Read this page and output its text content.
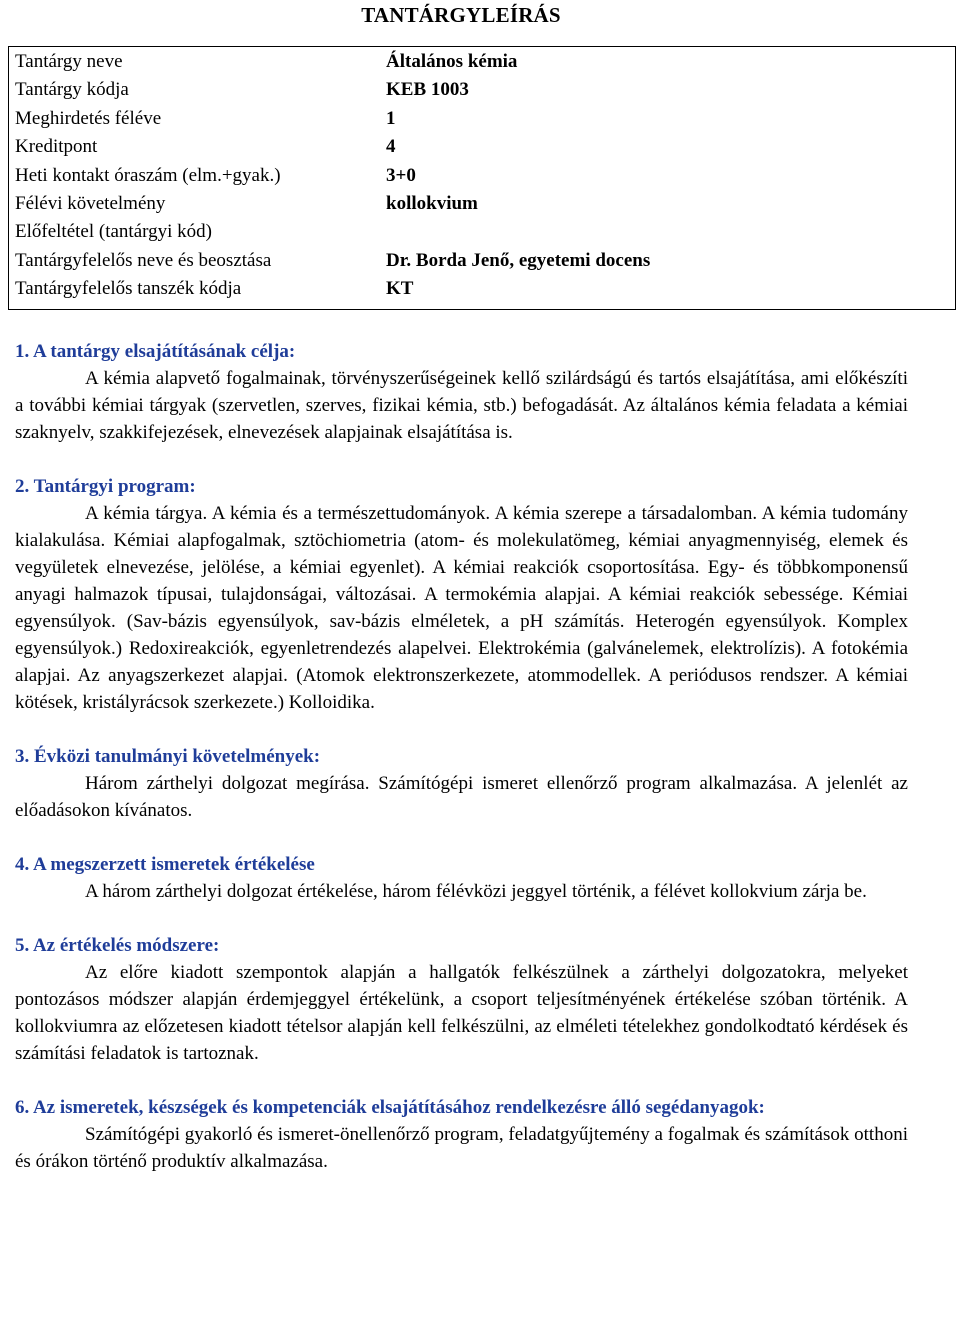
TANTÁRGYLEÍRÁS
Tantárgy neve	Általános kémia
Tantárgy kódja	KEB 1003
Meghirdetés féléve	1
Kreditpont	4
Heti kontakt óraszám (elm.+gyak.)	3+0
Félévi követelmény	kollokvium
Előfeltétel (tantárgyi kód)
Tantárgyfelelős neve és beosztása	Dr. Borda Jenő, egyetemi docens
Tantárgyfelelős tanszék kódja	KT

1. A tantárgy elsajátításának célja:

A kémia alapvető fogalmainak, törvényszerűségeinek kellő szilárdságú és tartós elsajátítása, ami előkészíti a további kémiai tárgyak (szervetlen, szerves, fizikai kémia, stb.) befogadását. Az általános kémia feladata a kémiai szaknyelv, szakkifejezések, elnevezések alapjainak elsajátítása is.

2. Tantárgyi program:

A kémia tárgya. A kémia és a természettudományok. A kémia szerepe a társadalomban. A kémia tudomány kialakulása. Kémiai alapfogalmak, sztöchiometria (atom- és molekulatömeg, kémiai anyagmennyiség, elemek és vegyületek elnevezése, jelölése, a kémiai egyenlet). A kémiai reakciók csoportosítása. Egy- és többkomponensű anyagi halmazok típusai, tulajdonságai, változásai. A termokémia alapjai. A kémiai reakciók sebessége. Kémiai egyensúlyok. (Sav-bázis egyensúlyok, sav-bázis elméletek, a pH számítás. Heterogén egyensúlyok. Komplex egyensúlyok.) Redoxireakciók, egyenletrendezés alapelvei. Elektrokémia (galvánelemek, elektrolízis). A fotokémia alapjai. Az anyagszerkezet alapjai. (Atomok elektronszerkezete, atommodellek. A periódusos rendszer. A kémiai kötések, kristályrácsok szerkezete.) Kolloidika.

3. Évközi tanulmányi követelmények:

Három zárthelyi dolgozat megírása. Számítógépi ismeret ellenőrző program alkalmazása. A jelenlét az előadásokon kívánatos.

4. A megszerzett ismeretek értékelése

A három zárthelyi dolgozat értékelése, három félévközi jeggyel történik, a félévet kollokvium zárja be.

5. Az értékelés módszere:

Az előre kiadott szempontok alapján a hallgatók felkészülnek a zárthelyi dolgozatokra, melyeket pontozásos módszer alapján érdemjeggyel értékelünk, a csoport teljesítményének értékelése szóban történik. A kollokviumra az előzetesen kiadott tételsor alapján kell felkészülni, az elméleti tételekhez gondolkodtató kérdések és számítási feladatok is tartoznak.

6. Az ismeretek, készségek és kompetenciák elsajátításához rendelkezésre álló segédanyagok:

Számítógépi gyakorló és ismeret-önellenőrző program, feladatgyűjtemény a fogalmak és számítások otthoni és órákon történő produktív alkalmazása.
